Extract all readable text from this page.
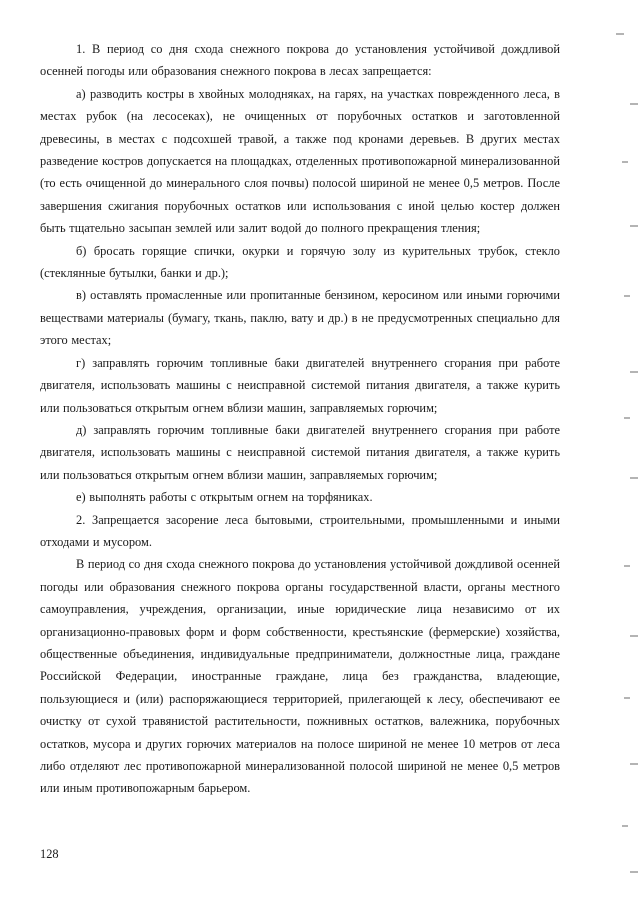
1. В период со дня схода снежного покрова до установления устойчивой дождливой осенней погоды или образования снежного покрова в лесах запрещается:

а) разводить костры в хвойных молодняках, на гарях, на участках поврежденного леса, в местах рубок (на лесосеках), не очищенных от порубочных остатков и заготовленной древесины, в местах с подсохшей травой, а также под кронами деревьев. В других местах разведение костров допускается на площадках, отделенных противопожарной минерализованной (то есть очищенной до минерального слоя почвы) полосой шириной не менее 0,5 метров. После завершения сжигания порубочных остатков или использования с иной целью костер должен быть тщательно засыпан землей или залит водой до полного прекращения тления;

б) бросать горящие спички, окурки и горячую золу из курительных трубок, стекло (стеклянные бутылки, банки и др.);

в) оставлять промасленные или пропитанные бензином, керосином или иными горючими веществами материалы (бумагу, ткань, паклю, вату и др.) в не предусмотренных специально для этого местах;

г) заправлять горючим топливные баки двигателей внутреннего сгорания при работе двигателя, использовать машины с неисправной системой питания двигателя, а также курить или пользоваться открытым огнем вблизи машин, заправляемых горючим;

д) заправлять горючим топливные баки двигателей внутреннего сгорания при работе двигателя, использовать машины с неисправной системой питания двигателя, а также курить или пользоваться открытым огнем вблизи машин, заправляемых горючим;

е) выполнять работы с открытым огнем на торфяниках.

2. Запрещается засорение леса бытовыми, строительными, промышленными и иными отходами и мусором.

В период со дня схода снежного покрова до установления устойчивой дождливой осенней погоды или образования снежного покрова органы государственной власти, органы местного самоуправления, учреждения, организации, иные юридические лица независимо от их организационно-правовых форм и форм собственности, крестьянские (фермерские) хозяйства, общественные объединения, индивидуальные предприниматели, должностные лица, граждане Российской Федерации, иностранные граждане, лица без гражданства, владеющие, пользующиеся и (или) распоряжающиеся территорией, прилегающей к лесу, обеспечивают ее очистку от сухой травянистой растительности, пожнивных остатков, валежника, порубочных остатков, мусора и других горючих материалов на полосе шириной не менее 10 метров от леса либо отделяют лес противопожарной минерализованной полосой шириной не менее 0,5 метров или иным противопожарным барьером.

128
